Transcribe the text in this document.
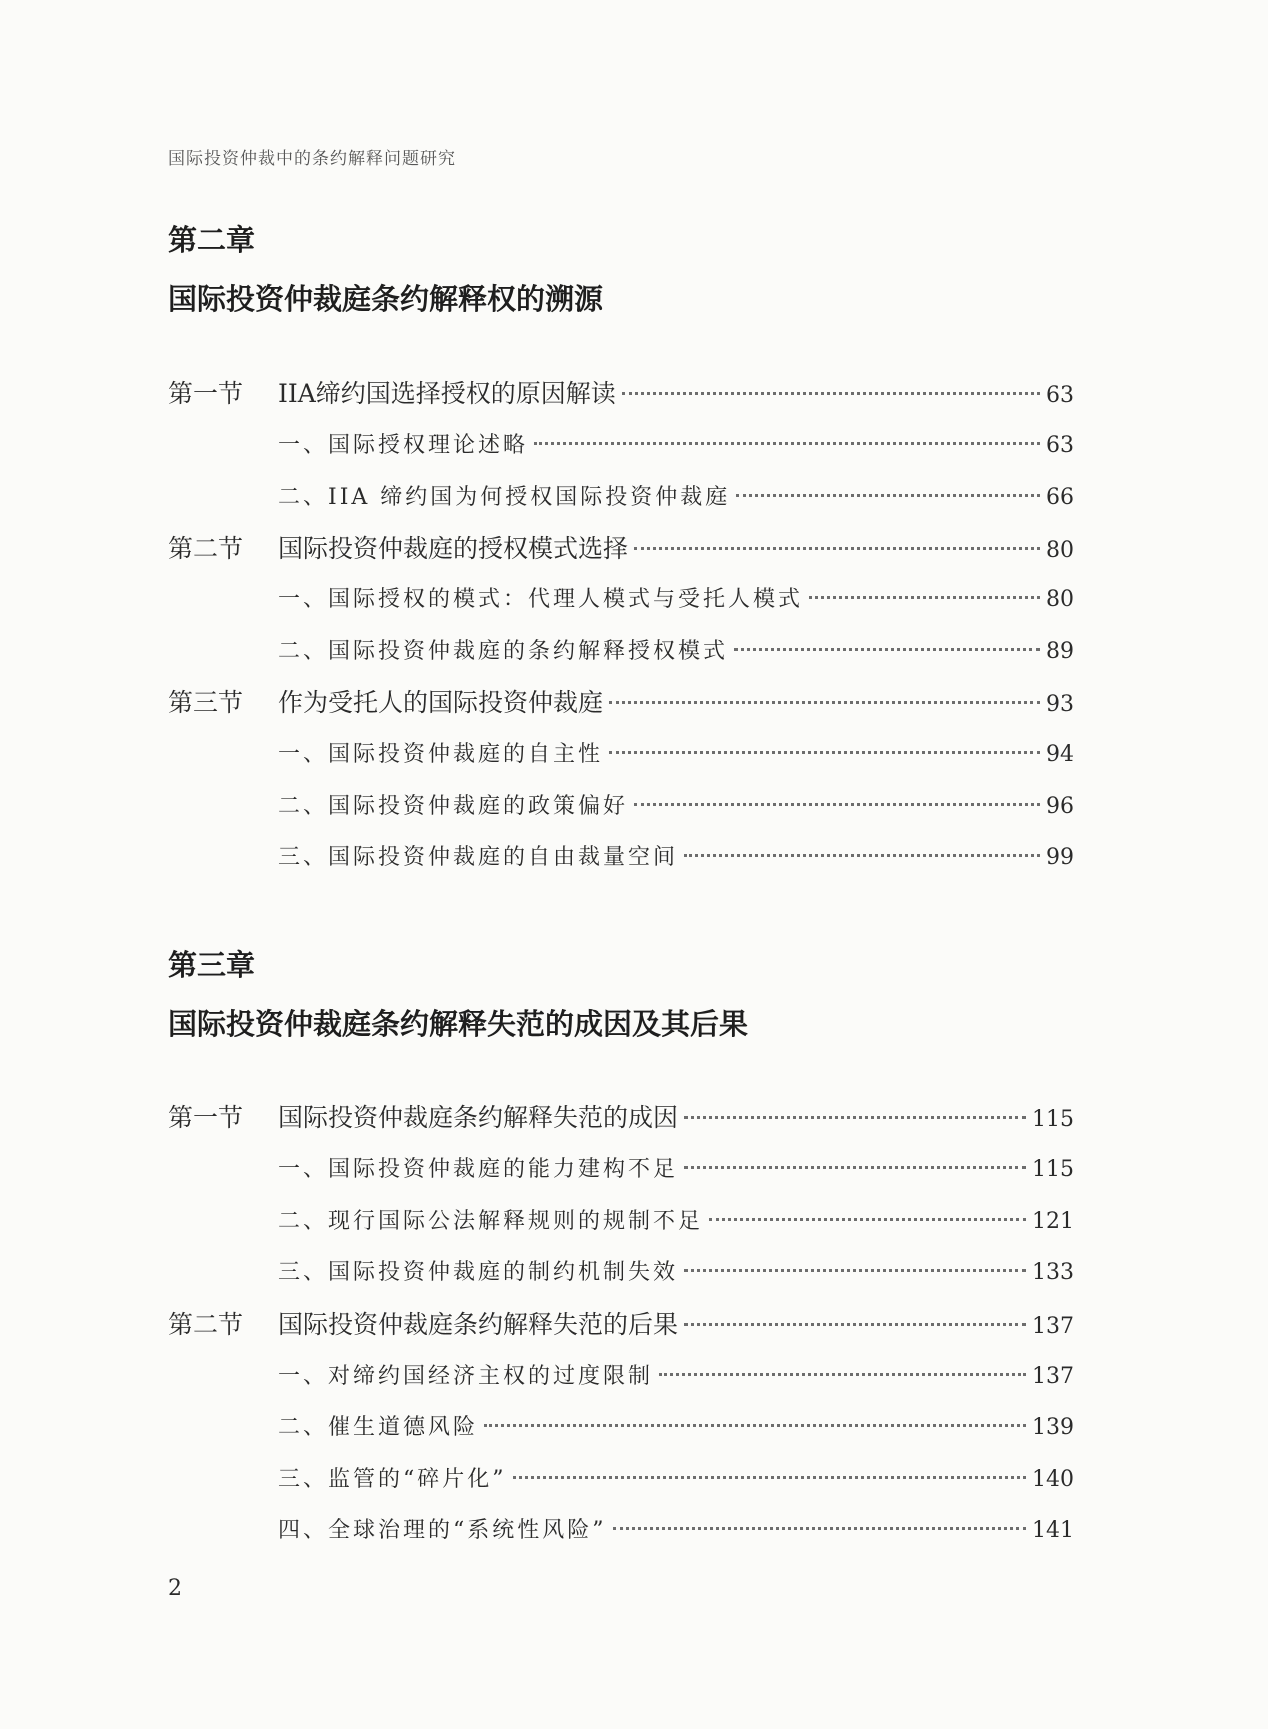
国际投资仲裁中的条约解释问题研究
第二章
国际投资仲裁庭条约解释权的溯源
第一节	IIA缔约国选择授权的原因解读	63
一、国际授权理论述略	63
二、IIA 缔约国为何授权国际投资仲裁庭	66
第二节	国际投资仲裁庭的授权模式选择	80
一、国际授权的模式：代理人模式与受托人模式	80
二、国际投资仲裁庭的条约解释授权模式	89
第三节	作为受托人的国际投资仲裁庭	93
一、国际投资仲裁庭的自主性	94
二、国际投资仲裁庭的政策偏好	96
三、国际投资仲裁庭的自由裁量空间	99
第三章
国际投资仲裁庭条约解释失范的成因及其后果
第一节	国际投资仲裁庭条约解释失范的成因	115
一、国际投资仲裁庭的能力建构不足	115
二、现行国际公法解释规则的规制不足	121
三、国际投资仲裁庭的制约机制失效	133
第二节	国际投资仲裁庭条约解释失范的后果	137
一、对缔约国经济主权的过度限制	137
二、催生道德风险	139
三、监管的“碎片化”	140
四、全球治理的“系统性风险”	141
2
